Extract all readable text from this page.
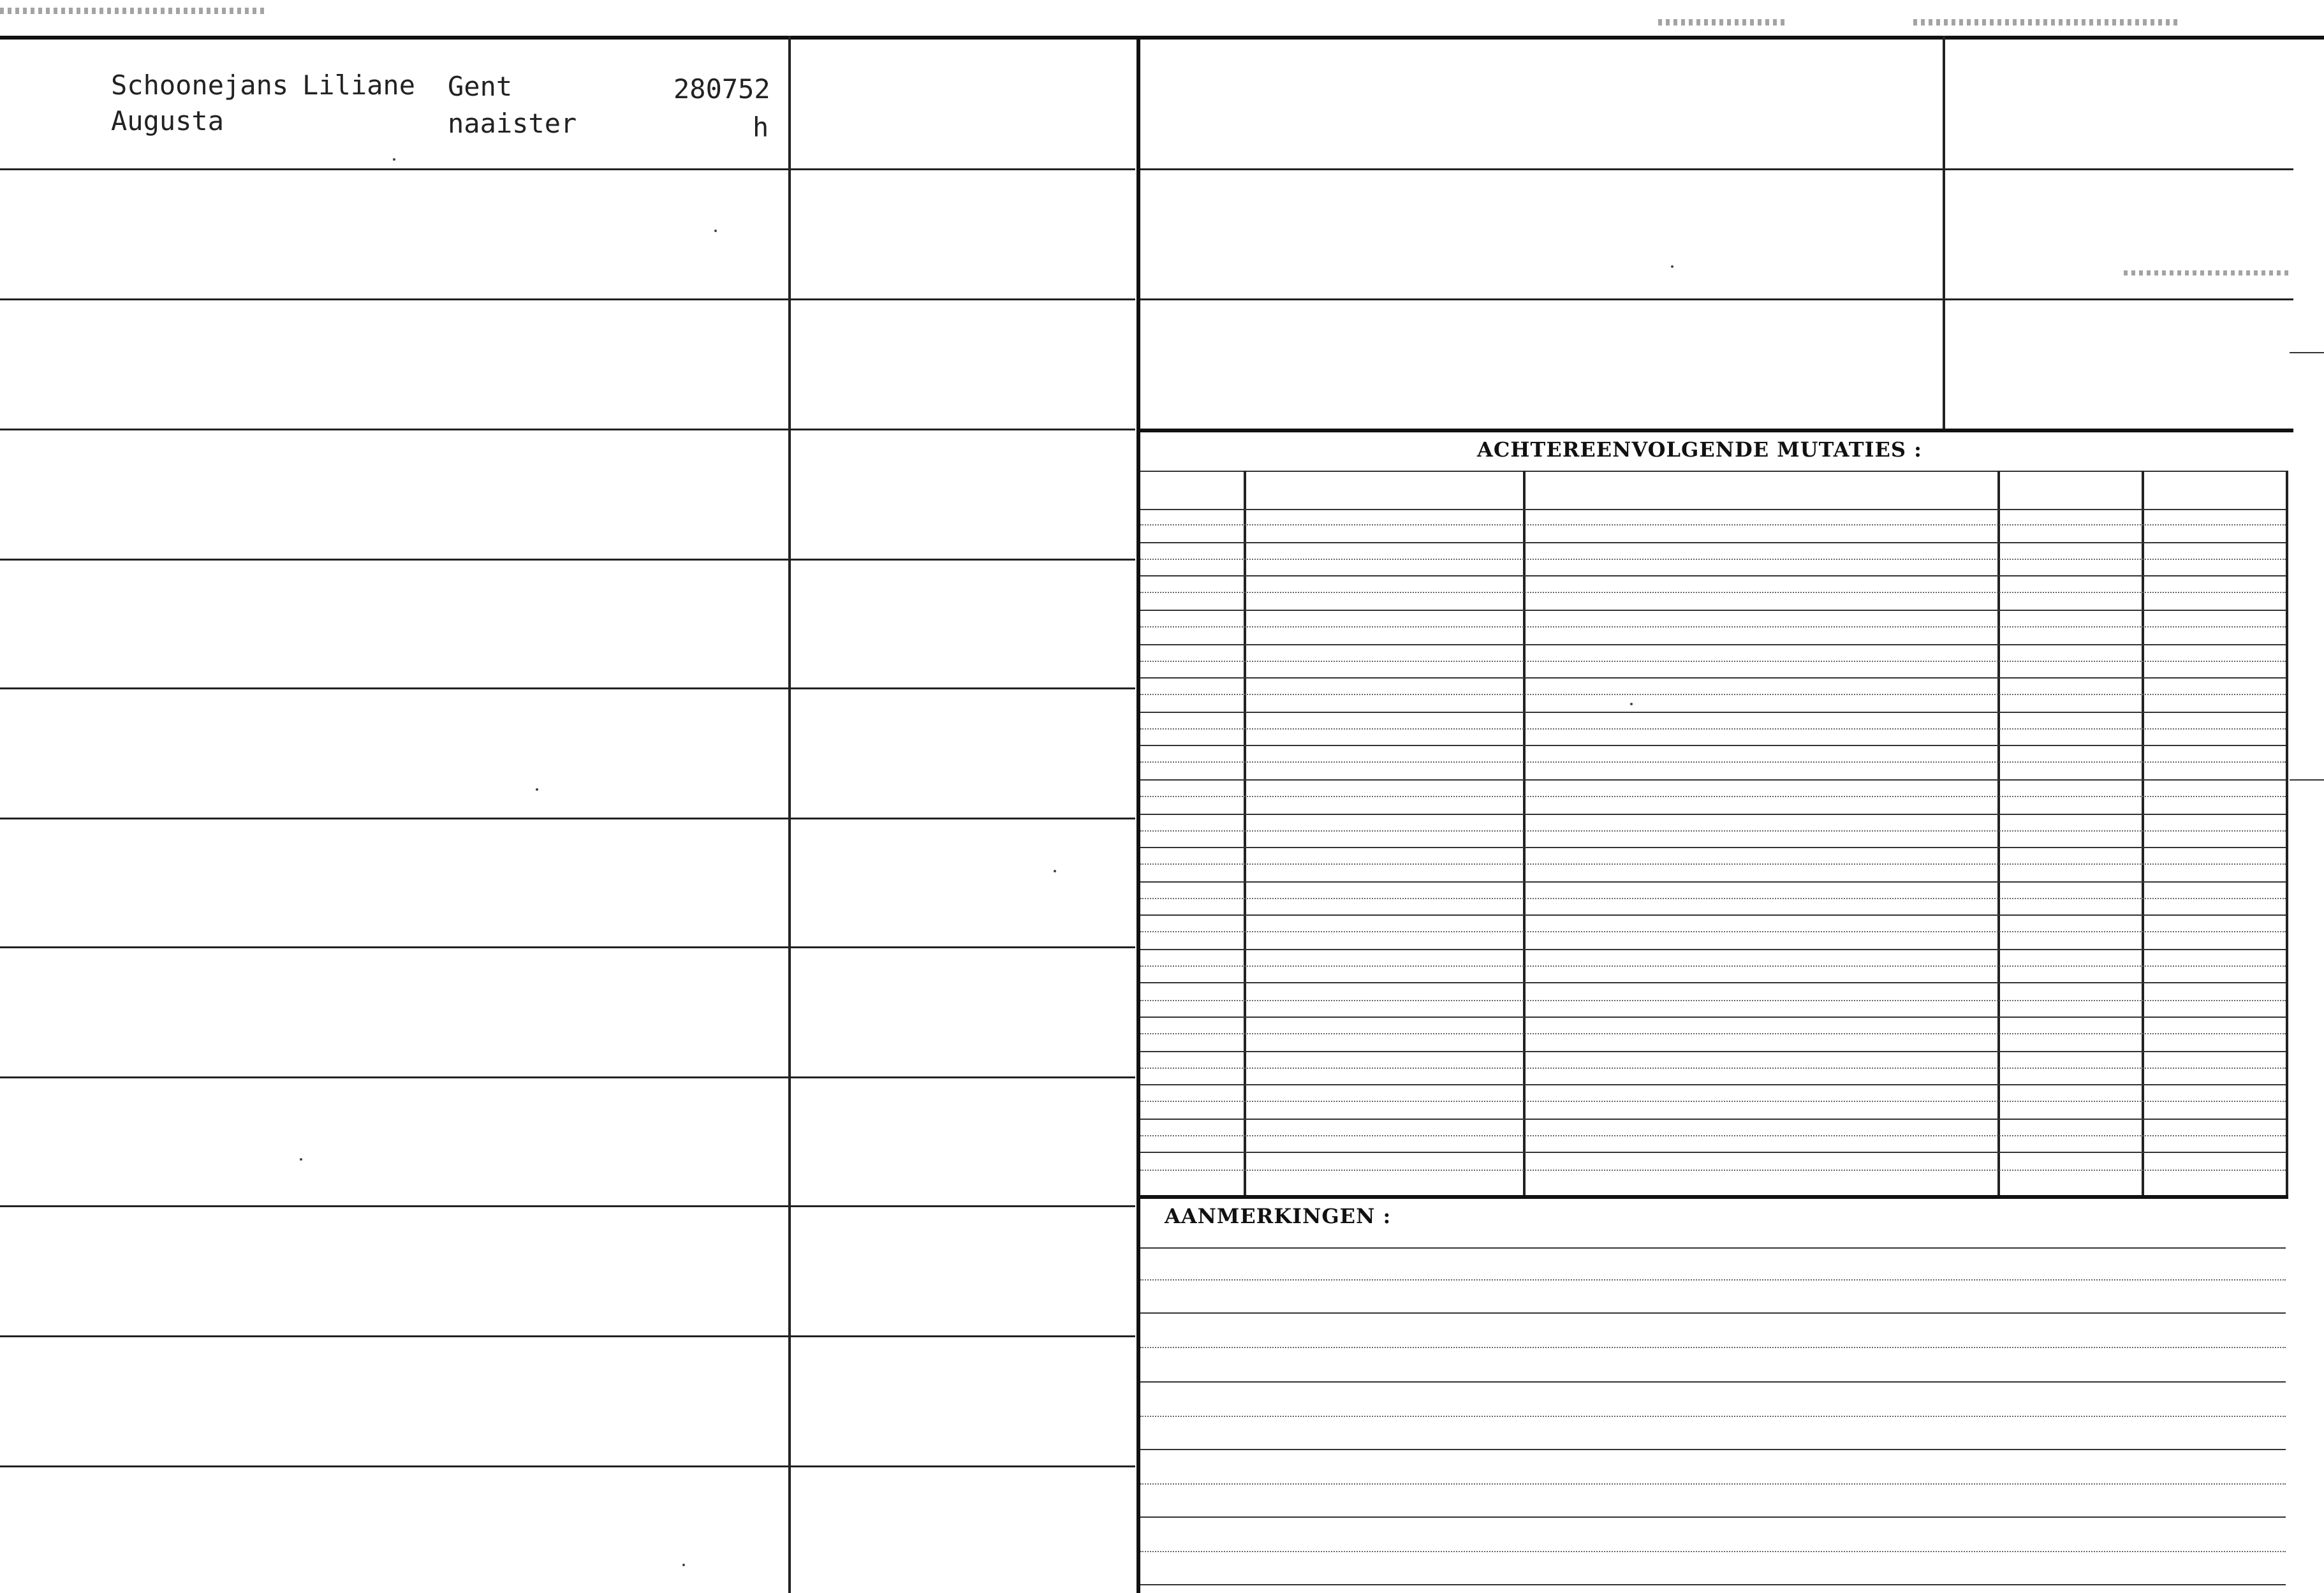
Schoonejans Liliane
Augusta
Gent
naaister
280752
h
ACHTEREENVOLGENDE MUTATIES :
AANMERKINGEN :
